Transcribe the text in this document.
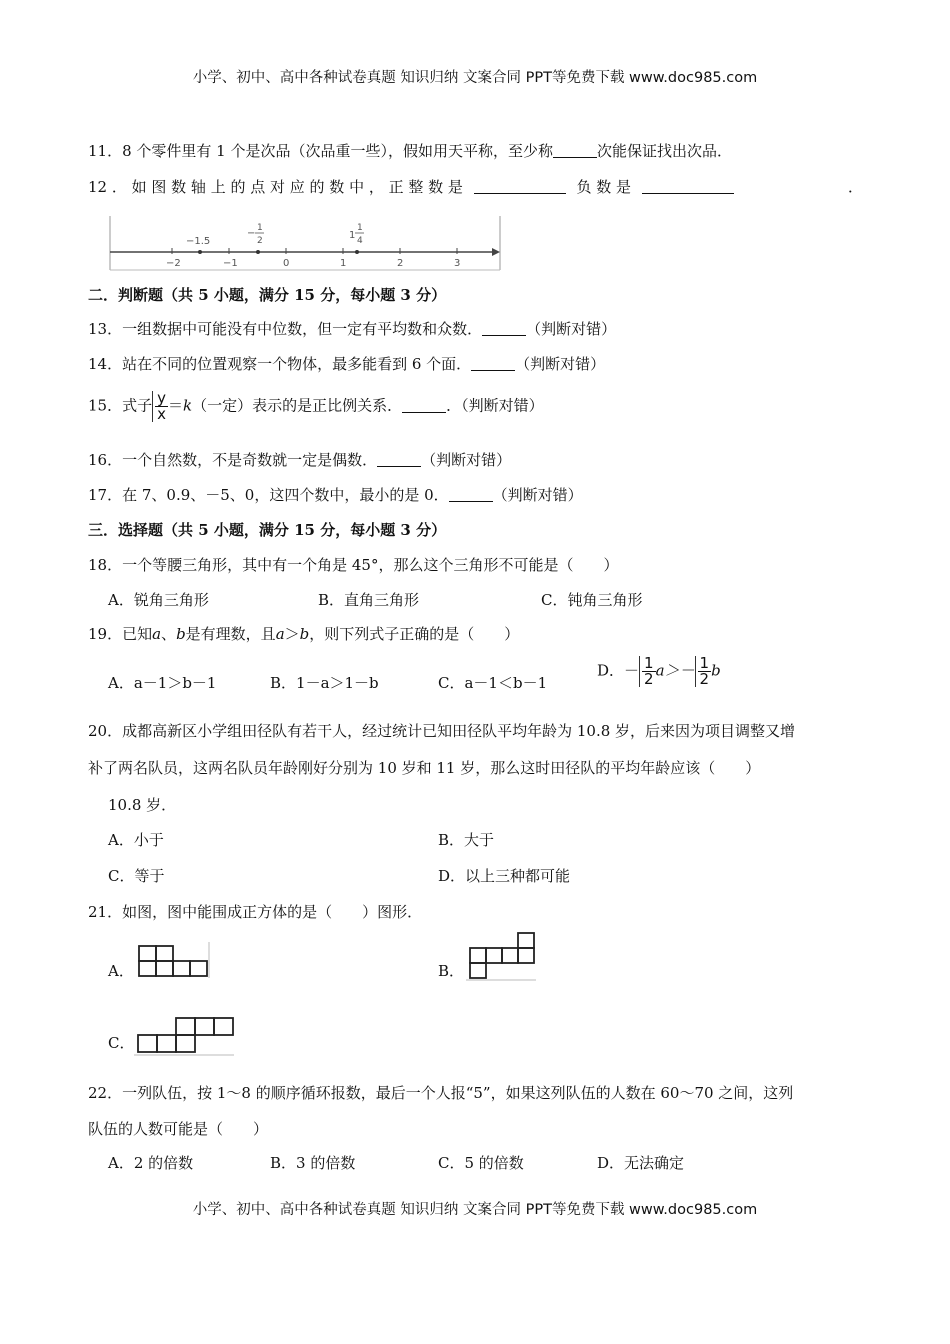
小学、初中、高中各种试卷真题 知识归纳 文案合同 PPT等免费下载 www.doc985.com
11．8 个零件里有 1 个是次品（次品重一些），假如用天平称，至少称	次能保证找出次品．
12 ． 如 图 数 轴 上 的 点 对 应 的 数 中 ， 正 整 数 是	负 数 是	．
−1.5
− 1
2	1
1
4
−2	−1	0	1	2	3
二．判断题（共 5 小题，满分 15 分，每小题 3 分）
13．一组数据中可能没有中位数，但一定有平均数和众数．	（判断对错）
14．站在不同的位置观察一个物体，最多能看到 6 个面．	（判断对错）
15．式子 $\frac{y}{x} =k$（一定）表示的是正比例关系．	．（判断对错）
16．一个自然数，不是奇数就一定是偶数．	（判断对错）
17．在 7、0.9、－5、0，这四个数中，最小的是 0．	（判断对错）
三．选择题（共 5 小题，满分 15 分，每小题 3 分）
18．一个等腰三角形，其中有一个角是 45°，那么这个三角形不可能是（　　）
A．锐角三角形	B．直角三角形	C．钝角三角形
19．已知a、b是有理数，且a＞b，则下列式子正确的是（　　）
A．a－1＞b－1	B．1－a＞1－b	C．a－1＜b－1
D．－ $\frac{1}{2} a>- \frac{1}{2}$ b
20．成都高新区小学组田径队有若干人，经过统计已知田径队平均年龄为 10.8 岁，后来因为项目调整又增
补了两名队员，这两名队员年龄刚好分别为 10 岁和 11 岁，那么这时田径队的平均年龄应该（　　）
10.8 岁．
A．小于	B．大于
C．等于	D．以上三种都可能
21．如图，图中能围成正方体的是（　　）图形．
A．	B．
C．
22．一列队伍，按 1～8 的顺序循环报数，最后一个人报“5”，如果这列队伍的人数在 60～70 之间，这列
队伍的人数可能是（　　）
A．2 的倍数	B．3 的倍数	C．5 的倍数	D．无法确定
小学、初中、高中各种试卷真题 知识归纳 文案合同 PPT等免费下载 www.doc985.com
